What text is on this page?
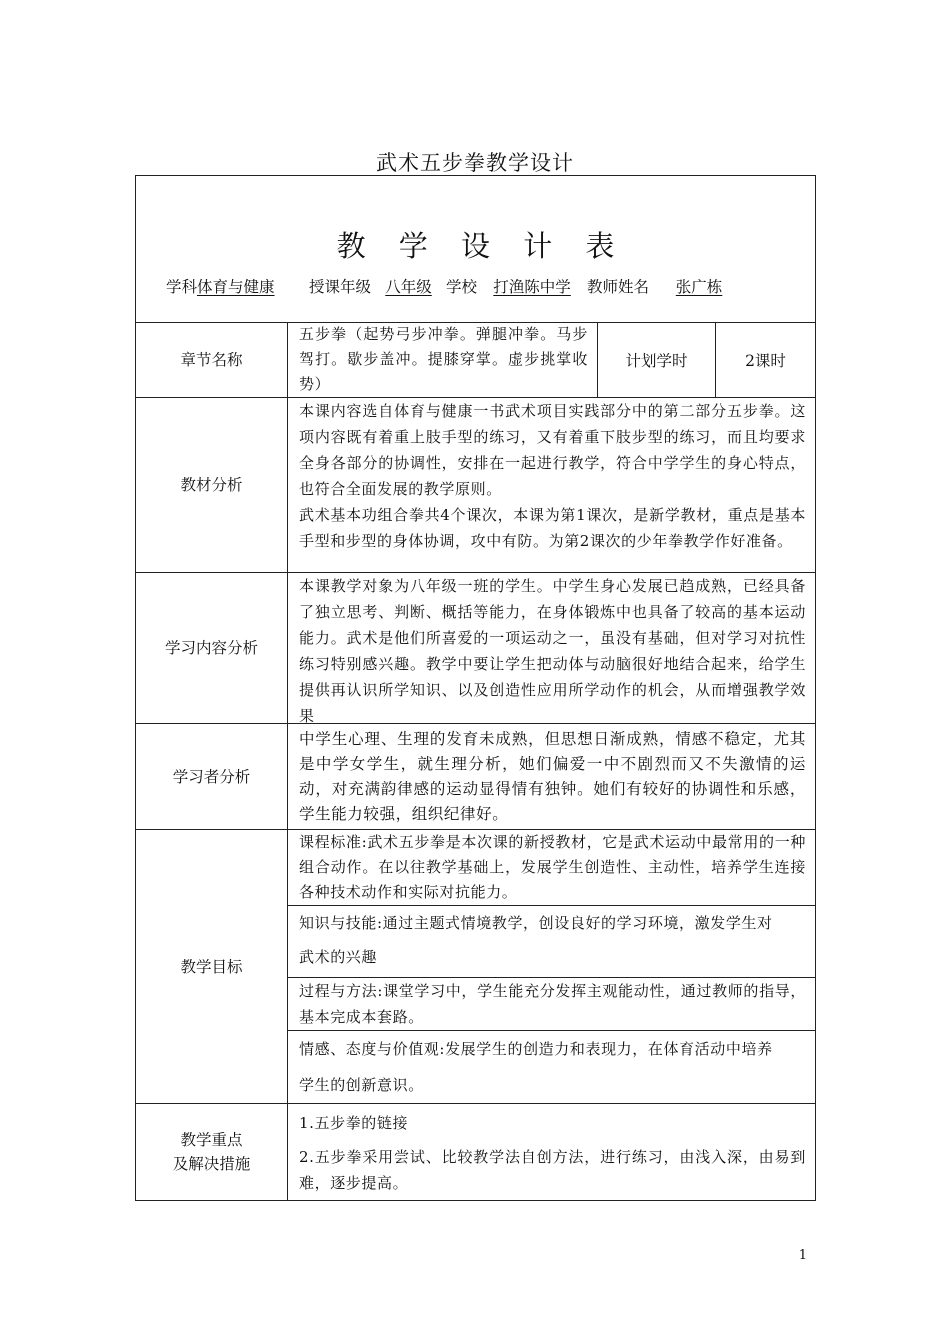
武术五步拳教学设计
教 学 设 计 表
学科体育与健康 授课年级 八年级 学校 打渔陈中学 教师姓名 张广栋
章节名称

五步拳（起势弓步冲拳。弹腿冲拳。马步驾打。歇步盖冲。提膝穿掌。虚步挑掌收势）

计划学时	2课时
教材分析

本课内容选自体育与健康一书武术项目实践部分中的第二部分五步拳。这项内容既有着重上肢手型的练习，又有着重下肢步型的练习，而且均要求全身各部分的协调性，安排在一起进行教学，符合中学学生的身心特点，也符合全面发展的教学原则。

武术基本功组合拳共4个课次，本课为第1课次，是新学教材，重点是基本手型和步型的身体协调，攻中有防。为第2课次的少年拳教学作好准备。

学习内容分析

本课教学对象为八年级一班的学生。中学生身心发展已趋成熟，已经具备了独立思考、判断、概括等能力，在身体锻炼中也具备了较高的基本运动能力。武术是他们所喜爱的一项运动之一，虽没有基础，但对学习对抗性练习特别感兴趣。教学中要让学生把动体与动脑很好地结合起来，给学生提供再认识所学知识、以及创造性应用所学动作的机会，从而增强教学效果

学习者分析

中学生心理、生理的发育未成熟，但思想日渐成熟，情感不稳定，尤其是中学女学生，就生理分析，她们偏爱一中不剧烈而又不失激情的运动，对充满韵律感的运动显得情有独钟。她们有较好的协调性和乐感，学生能力较强，组织纪律好。

教学目标
课程标准:武术五步拳是本次课的新授教材，它是武术运动中最常用的一种组合动作。在以往教学基础上，发展学生创造性、主动性，培养学生连接各种技术动作和实际对抗能力。
知识与技能:通过主题式情境教学，创设良好的学习环境，激发学生对
武术的兴趣
过程与方法:课堂学习中，学生能充分发挥主观能动性，通过教师的指导，基本完成本套路。
情感、态度与价值观:发展学生的创造力和表现力，在体育活动中培养
学生的创新意识。
教学重点
及解决措施

1.五步拳的链接

2.五步拳采用尝试、比较教学法自创方法，进行练习，由浅入深，由易到难，逐步提高。

1
